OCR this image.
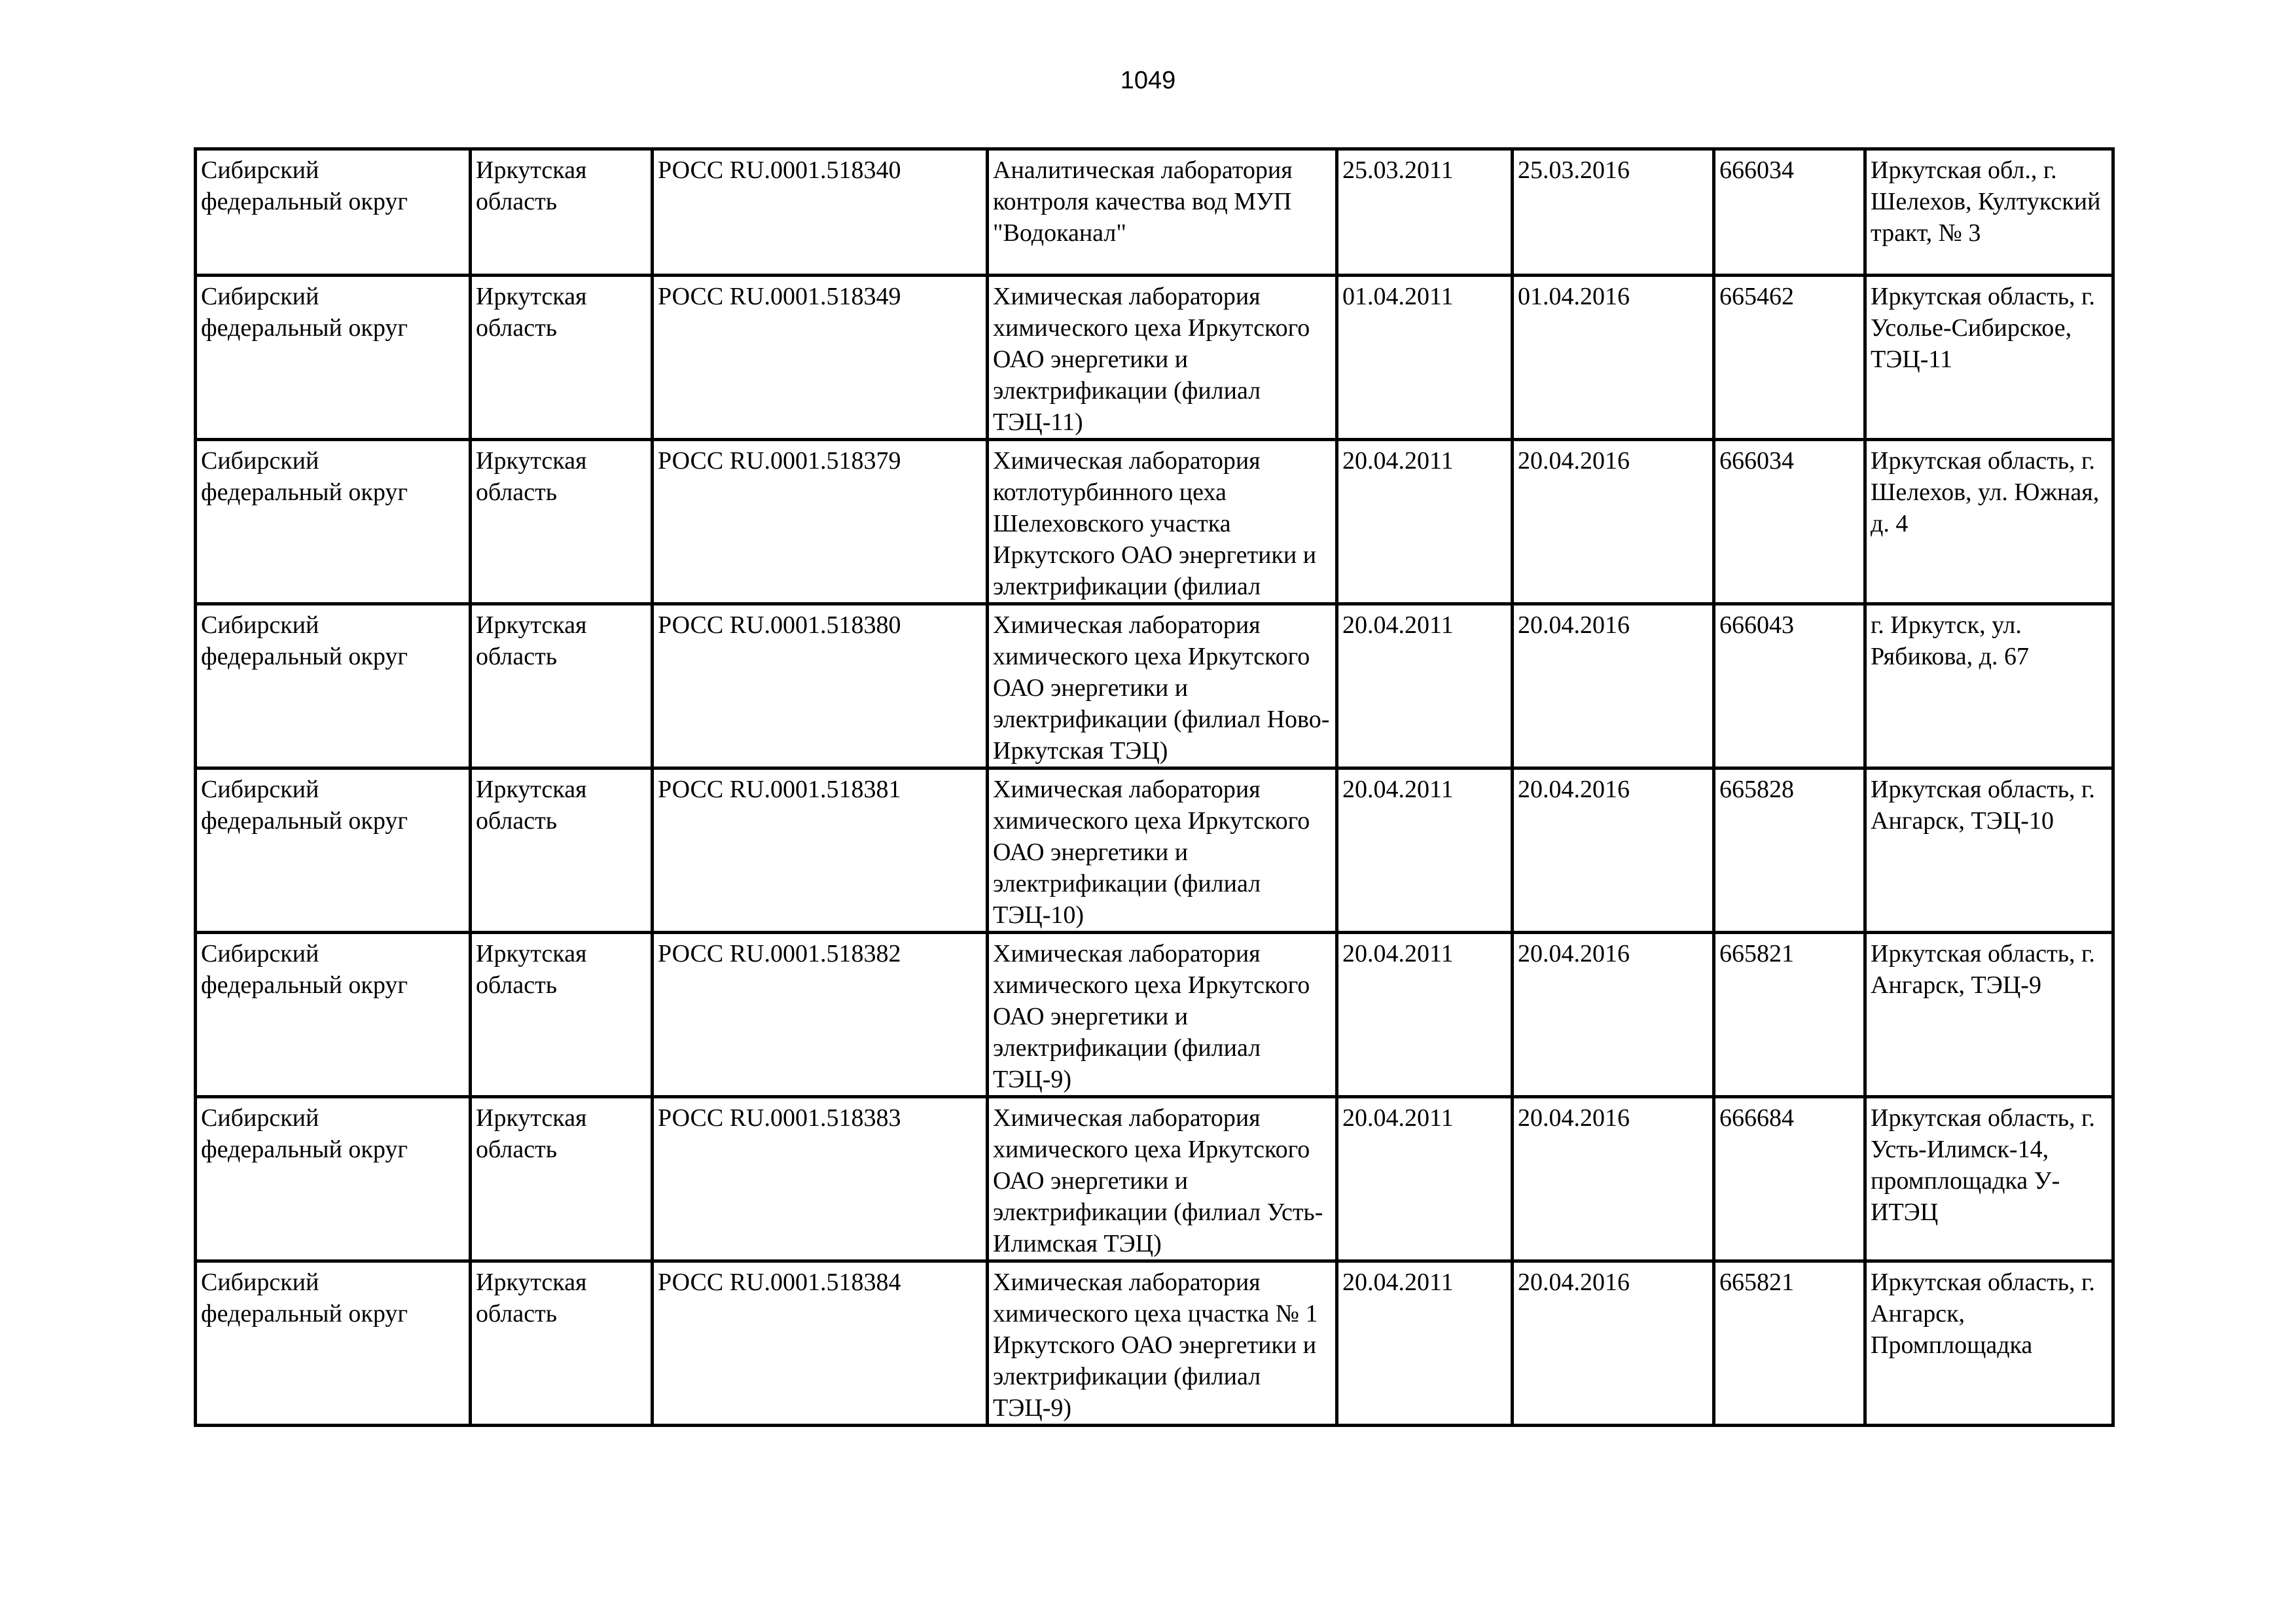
1049
Сибирский федеральный округ	Иркутская область	РОСС RU.0001.518340	Аналитическая лаборатория контроля качества вод МУП "Водоканал"	25.03.2011	25.03.2016	666034	Иркутская обл., г. Шелехов, Култукский тракт, № 3

Сибирский федеральный округ	Иркутская область	РОСС RU.0001.518349	Химическая лаборатория химического цеха Иркутского ОАО энергетики и электрификации (филиал ТЭЦ-11)	01.04.2011	01.04.2016	665462	Иркутская область, г. Усолье-Сибирское, ТЭЦ-11

Сибирский федеральный округ	Иркутская область	РОСС RU.0001.518379	Химическая лаборатория котлотурбинного цеха Шелеховского участка Иркутского ОАО энергетики и электрификации (филиал	20.04.2011	20.04.2016	666034	Иркутская область, г. Шелехов, ул. Южная, д. 4

Сибирский федеральный округ	Иркутская область	РОСС RU.0001.518380	Химическая лаборатория химического цеха Иркутского ОАО энергетики и электрификации (филиал Ново-Иркутская ТЭЦ)	20.04.2011	20.04.2016	666043	г. Иркутск, ул. Рябикова, д. 67

Сибирский федеральный округ	Иркутская область	РОСС RU.0001.518381	Химическая лаборатория химического цеха Иркутского ОАО энергетики и электрификации (филиал ТЭЦ-10)	20.04.2011	20.04.2016	665828	Иркутская область, г. Ангарск, ТЭЦ-10

Сибирский федеральный округ	Иркутская область	РОСС RU.0001.518382	Химическая лаборатория химического цеха Иркутского ОАО энергетики и электрификации (филиал ТЭЦ-9)	20.04.2011	20.04.2016	665821	Иркутская область, г. Ангарск, ТЭЦ-9

Сибирский федеральный округ	Иркутская область	РОСС RU.0001.518383	Химическая лаборатория химического цеха Иркутского ОАО энергетики и электрификации (филиал Усть-Илимская ТЭЦ)	20.04.2011	20.04.2016	666684	Иркутская область, г. Усть-Илимск-14, промплощадка У-ИТЭЦ

Сибирский федеральный округ	Иркутская область	РОСС RU.0001.518384	Химическая лаборатория химического цеха цчастка № 1 Иркутского ОАО энергетики и электрификации (филиал ТЭЦ-9)	20.04.2011	20.04.2016	665821	Иркутская область, г. Ангарск, Промплощадка
